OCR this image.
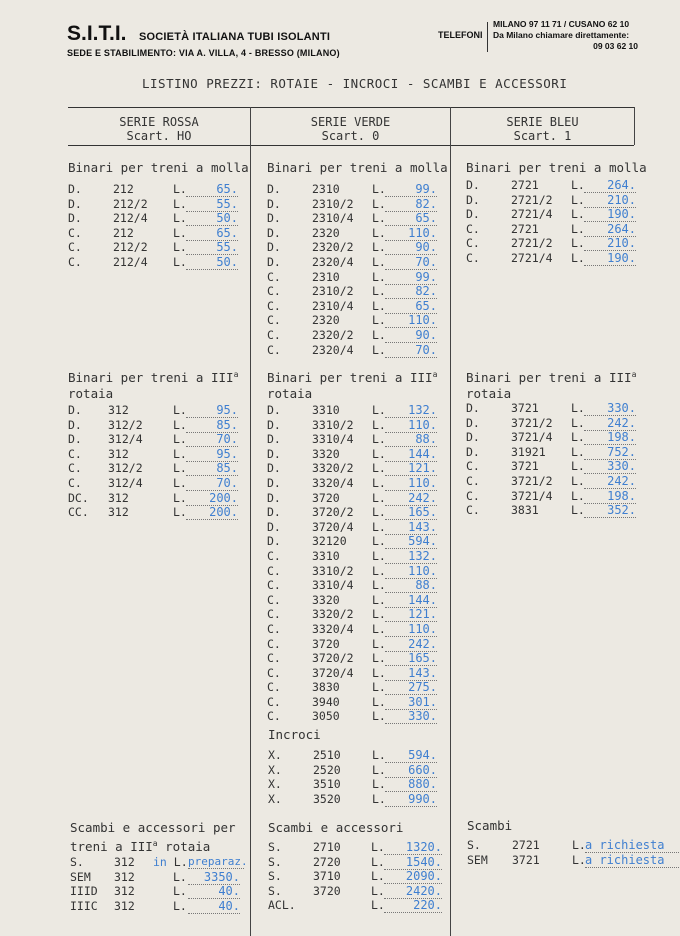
S.I.T.I. SOCIETÀ ITALIANA TUBI ISOLANTI
SEDE E STABILIMENTO: VIA A. VILLA, 4 - BRESSO (MILANO)
TELEFONI
MILANO 97 11 71 / CUSANO 62 10
Da Milano chiamare direttamente:
09 03 62 10
LISTINO PREZZI: ROTAIE - INCROCI - SCAMBI E ACCESSORI
SERIE ROSSA
Scart. HO
SERIE VERDE
Scart. 0
SERIE BLEU
Scart. 1
Binari per treni a molla Binari per treni a molla Binari per treni a molla
Binari per treni a III$^a$
rotaia
Binari per treni a III$^a$
rotaia
Binari per treni a III$^a$
rotaia
Incroci
Scambi e accessori per
treni a III$^a$ rotaia
Scambi e accessori	Scambi
D.	212	L.	65.
D.	212/2 L.	55.
D.	212/4 L.	50.
C.	212	L.	65.
C.	212/2 L.	55.
C.	212/4 L.	50.
D.	2310	L.	99.
D.	2310/2 L.	82.
D.	2310/4 L.	65.
D.	2320	L.	110.
D.	2320/2 L.	90.
D.	2320/4 L.	70.
C.	2310	L.	99.
C.	2310/2 L.	82.
C.	2310/4 L.	65.
C.	2320	L.	110.
C.	2320/2 L.	90.
C.	2320/4 L.	70.
D.	2721	L.	264.
D.	2721/2 L.	210.
D.	2721/4 L.	190.
C.	2721	L.	264.
C.	2721/2 L.	210.
C.	2721/4 L.	190.
D. 312	L.	95.
D. 312/2	L.	85.
D. 312/4	L.	70.
C. 312	L.	95.
C. 312/2	L.	85.
C. 312/4	L.	70.
DC. 312	L.	200.
CC. 312	L.	200.
D.	3310	L.	132.
D.	3310/2 L.	110.
D.	3310/4 L.	88.
D.	3320	L.	144.
D.	3320/2 L.	121.
D.	3320/4 L.	110.
D.	3720	L.	242.
D.	3720/2 L.	165.
D.	3720/4 L.	143.
D.	32120 L.	594.
C.	3310	L.	132.
C.	3310/2 L.	110.
C.	3310/4 L.	88.
C.	3320	L.	144.
C.	3320/2 L.	121.
C.	3320/4 L.	110.
C.	3720	L.	242.
C.	3720/2 L.	165.
C.	3720/4 L.	143.
C.	3830	L.	275.
C.	3940	L.	301.
C.	3050	L.	330.
D.	3721	L.	330.
D.	3721/2 L.	242.
D.	3721/4 L.	198.
D.	31921 L.	752.
C.	3721	L.	330.
C.	3721/2 L.	242.
C.	3721/4 L.	198.
C.	3831	L.	352.
X.	2510	L.	594.
X.	2520	L.	660.
X.	3510	L.	880.
X.	3520	L.	990.
S.	312 in L. preparaz.
SEM 312	L.	3350.
IIID 312	L.	40.
IIIC 312	L.	40.
S.	2710	L.	1320.
S.	2720	L.	1540.
S.	3710	L.	2090.
S.	3720	L.	2420.
ACL.	L.	220.
S.	2721	L. a richiesta
SEM 3721	L. a richiesta
